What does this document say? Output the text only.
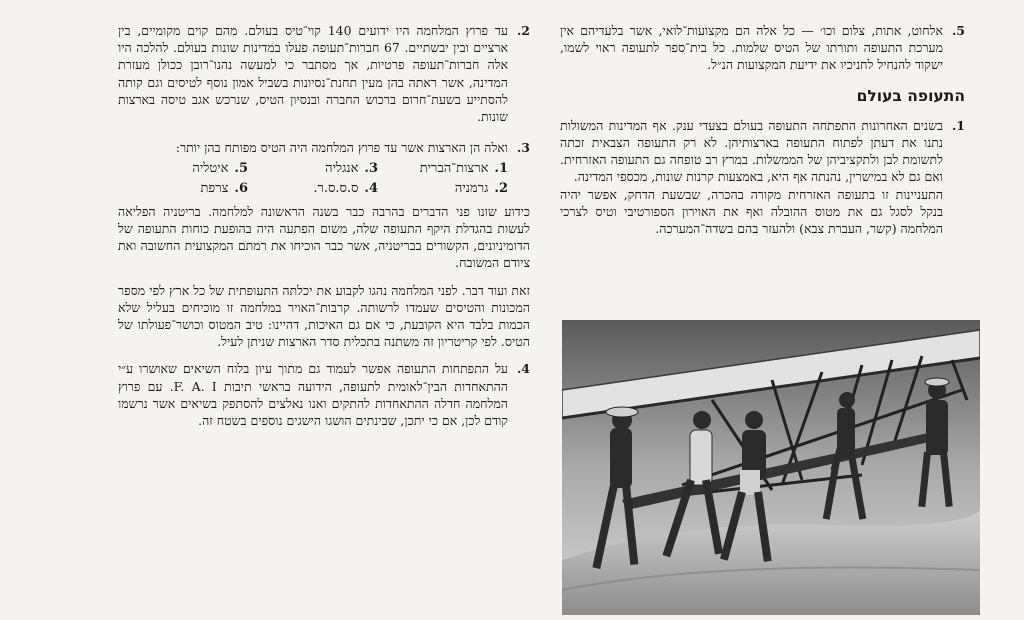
5.

אלחוט, אתות, צלום וכו׳ — כל אלה הם מקצועות־לואי, אשר בלעדיהם אין מערכת התעופה ותורתו של הטיס שלמות. כל בית־ספר לתעופה ראוי לשמו, ישקוד להנחיל לחניכיו את ידיעת המקצועות הנ״ל.

התעופה בעולם
1.

בשנים האחרונות התפתחה התעופה בעולם בצעדי ענק. אף המדינות המשולות נתנו את דעתן לפתוח התעופה בארצותיהן. לא רק התעופה הצבאית זכתה לתשומת לבן ולתקציביהן של הממשלות. במרץ רב טופחה גם התעופה האזרחית. ואם גם לא במישרין, נהנתה אף היא, באמצעות קרנות שונות, מכספי המדינה.

התעניינות זו בתעופה האזרחית מקורה בהכרה, שבשעת הדחק, אפשר יהיה בנקל לסגל גם את מטוס ההובלה ואף את האוירון הספורטיבי וטיס לצרכי המלחמה (קשר, העברת צבא) ולהעזר בהם בשדה־המערכה.

2.

עד פרוץ המלחמה היו ידועים 140 קוי־טיס בעולם. מהם קוים מקומיים, בין ארציים ובין יבשתיים. 67 חברות־תעופה פעלו במדינות שונות בעולם. להלכה היו אלה חברות־תעופה פרטיות, אך מסתבר כי למעשה נהנו־רובן ככולן מעזרת המדינה, אשר ראתה בהן מעין תחנת־נסיונות בשביל אמון נוסף לטיסים וגם קותה להסתייע בשעת־חרום ברכוש החברה ובנסיון הטיס, שנרכש אגב טיסה בארצות שונות.

3.

ואלה הן הארצות אשר עד פרוץ המלחמה היה הטיס מפותח בהן יותר:

1.
ארצות־הברית
3.
אנגליה
5.
איטליה
2.
גרמניה
4.
ס.ס.ס.ר.
6.
צרפת

כידוע שונו פני הדברים בהרבה כבר בשנה הראשונה למלחמה. בריטניה הפליאה לעשות בהגדלת היקף התעופה שלה, משום הפתעה היה בהופעת כוחות התעופה של הדומיניונים, הקשורים בבריטניה, אשר כבר הוכיחו את רמתם המקצועית החשובה ואת ציודם המשובח.

זאת ועוד דבר. לפני המלחמה נהגו לקבוע את יכלתה התעופתית של כל ארץ לפי מספר המכונות והטיסים שעמדו לרשותה. קרבות־האויר במלחמה זו מוכיחים בעליל שלא הכמות בלבד היא הקובעת, כי אם גם האיכות, דהיינו: טיב המטוס וכושר־פעולתו של הטיס. לפי קריטריון זה משתנה בתכלית סדר הארצות שניתן לעיל.

4.

על התפתחות התעופה אפשר לעמוד גם מתוך עיון בלוח השיאים שאושרו ע״י ההתאחדות הבין־לאומית לתעופה, הידועה בראשי תיבות F. A. I. עם פרוץ המלחמה חדלה ההתאחדות להתקים ואנו נאלצים להסתפק בשיאים אשר נרשמו קודם לכן, אם כי יתכן, שבינתים הושגו הישגים נוספים בשטח זה.
